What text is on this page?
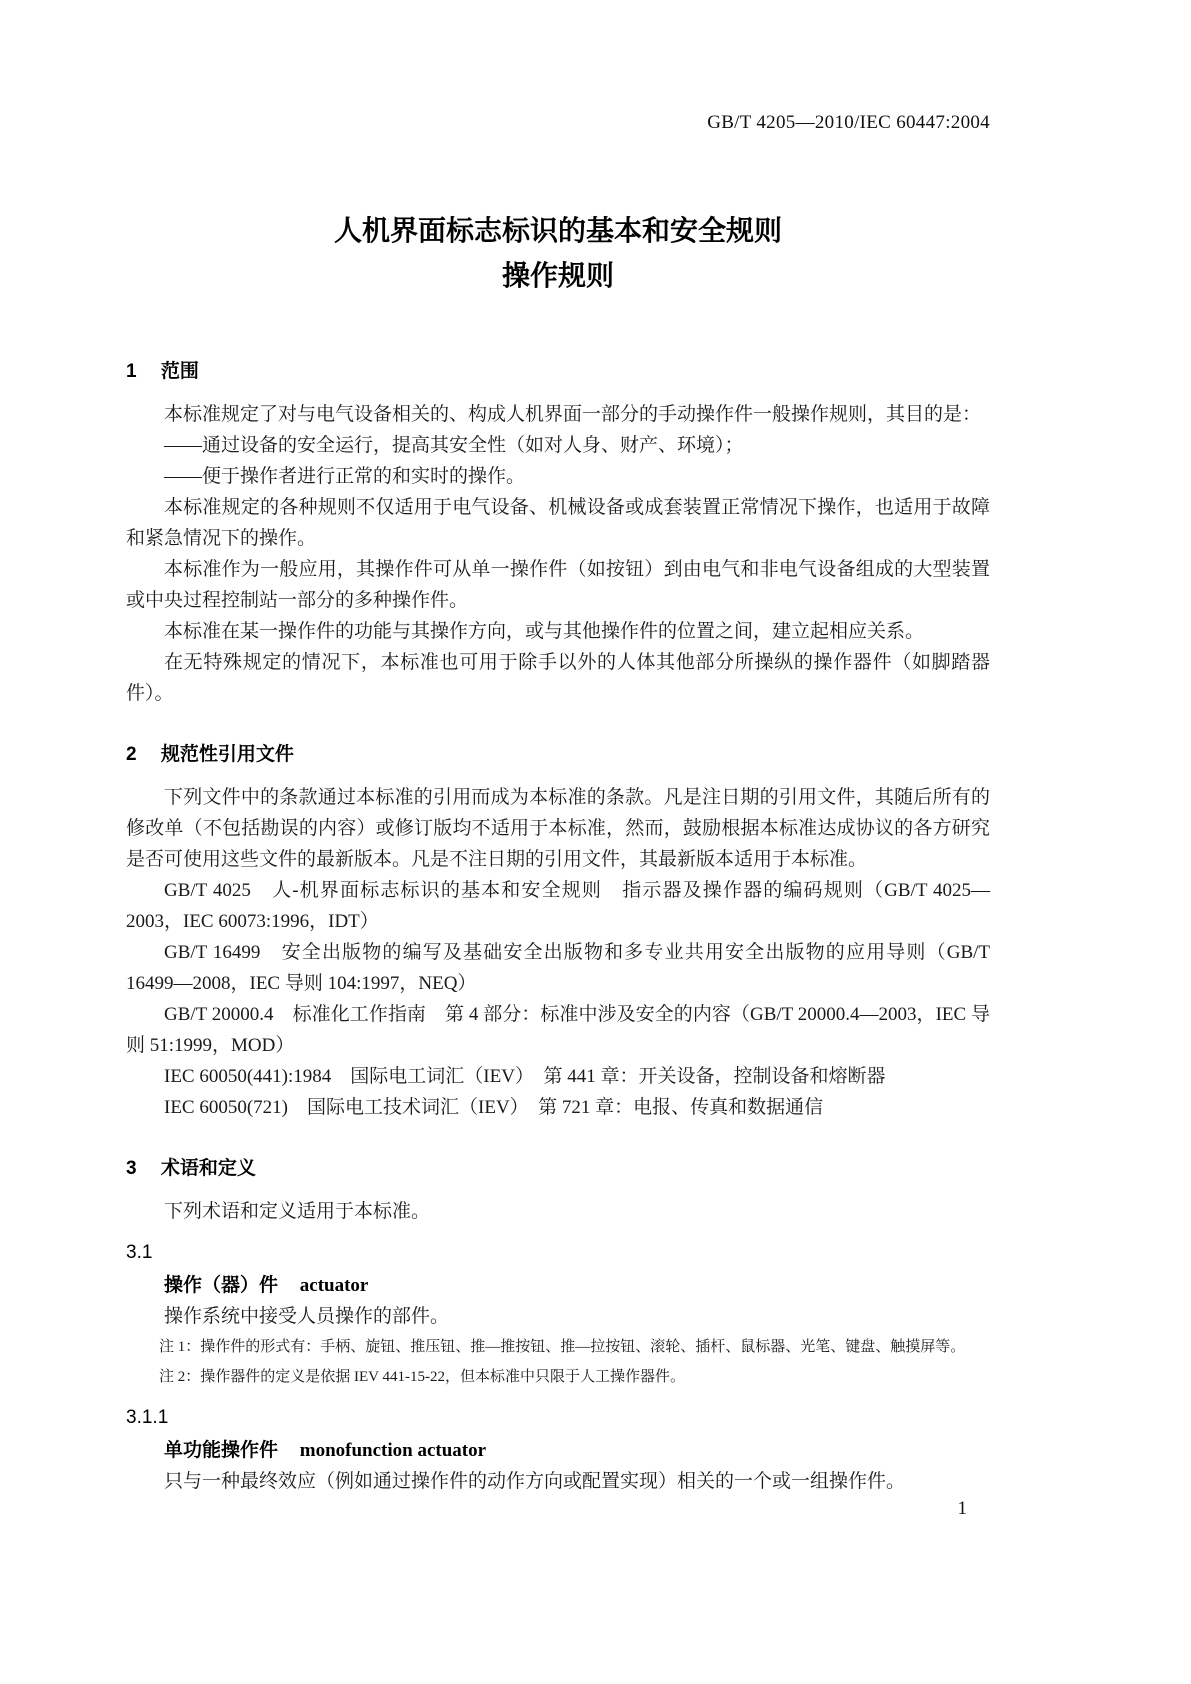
GB/T 4205—2010/IEC 60447:2004
人机界面标志标识的基本和安全规则
操作规则
1 范围

本标准规定了对与电气设备相关的、构成人机界面一部分的手动操作件一般操作规则，其目的是：

——通过设备的安全运行，提高其安全性（如对人身、财产、环境）；

——便于操作者进行正常的和实时的操作。

本标准规定的各种规则不仅适用于电气设备、机械设备或成套装置正常情况下操作，也适用于故障和紧急情况下的操作。

本标准作为一般应用，其操作件可从单一操作件（如按钮）到由电气和非电气设备组成的大型装置或中央过程控制站一部分的多种操作件。

本标准在某一操作件的功能与其操作方向，或与其他操作件的位置之间，建立起相应关系。

在无特殊规定的情况下，本标准也可用于除手以外的人体其他部分所操纵的操作器件（如脚踏器件）。

2 规范性引用文件

下列文件中的条款通过本标准的引用而成为本标准的条款。凡是注日期的引用文件，其随后所有的修改单（不包括勘误的内容）或修订版均不适用于本标准，然而，鼓励根据本标准达成协议的各方研究是否可使用这些文件的最新版本。凡是不注日期的引用文件，其最新版本适用于本标准。

GB/T 4025　人-机界面标志标识的基本和安全规则　指示器及操作器的编码规则（GB/T 4025—2003，IEC 60073:1996，IDT）

GB/T 16499　安全出版物的编写及基础安全出版物和多专业共用安全出版物的应用导则（GB/T 16499—2008，IEC 导则 104:1997，NEQ）

GB/T 20000.4　标准化工作指南　第 4 部分：标准中涉及安全的内容（GB/T 20000.4—2003，IEC 导则 51:1999，MOD）

IEC 60050(441):1984　国际电工词汇（IEV）　第 441 章：开关设备，控制设备和熔断器

IEC 60050(721)　国际电工技术词汇（IEV）　第 721 章：电报、传真和数据通信

3 术语和定义

下列术语和定义适用于本标准。

3.1

操作（器）件 actuator

操作系统中接受人员操作的部件。

注 1：操作件的形式有：手柄、旋钮、推压钮、推—推按钮、推—拉按钮、滚轮、插杆、鼠标器、光笔、键盘、触摸屏等。

注 2：操作器件的定义是依据 IEV 441-15-22，但本标准中只限于人工操作器件。

3.1.1

单功能操作件 monofunction actuator

只与一种最终效应（例如通过操作件的动作方向或配置实现）相关的一个或一组操作件。

1
